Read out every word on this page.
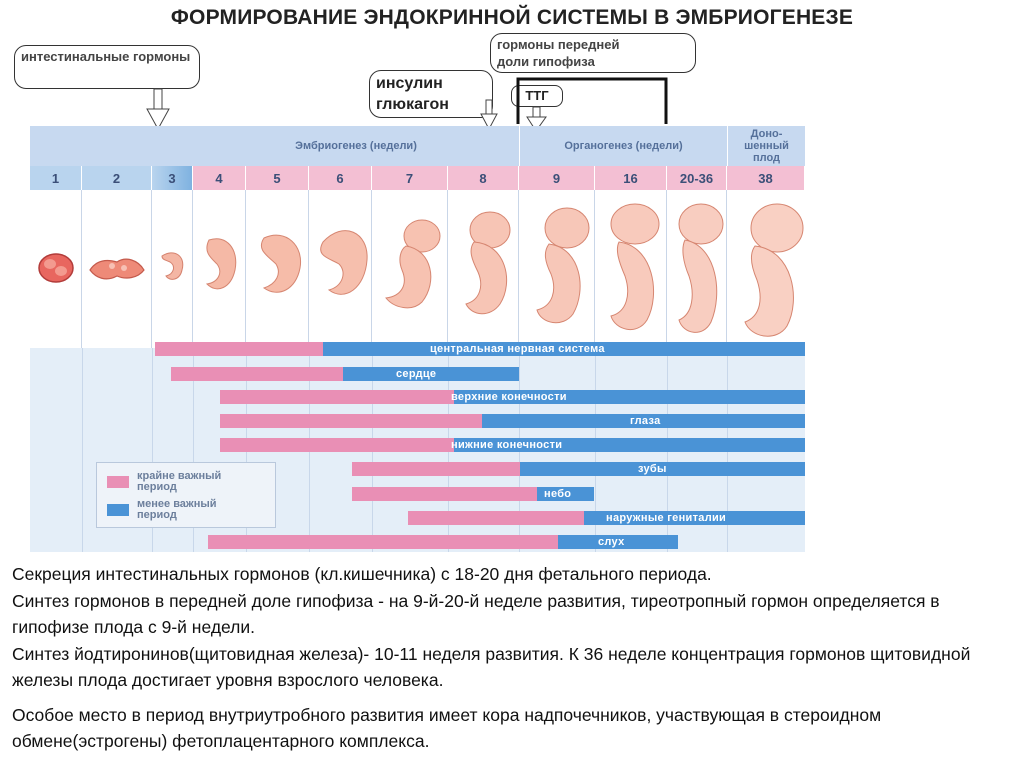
ФОРМИРОВАНИЕ ЭНДОКРИННОЙ СИСТЕМЫ В ЭМБРИОГЕНЕЗЕ
интестинальные гормоны
инсулин
глюкагон
гормоны передней
доли гипофиза
ТТГ
Эмбриогенез (недели)	Органогенез (недели)
Доно-шенный плод
1	2	3	4	5	6	7	8	9	16	20-36	38
центральная нервная система
сердце
верхние конечности
глаза
нижние конечности
зубы
небо
наружные гениталии
слух
крайне важный период
менее важный период

Секреция интестинальных гормонов (кл.кишечника) с 18-20 дня фетального периода.

Синтез гормонов в передней доле гипофиза - на 9-й-20-й неделе развития, тиреотропный гормон определяется в гипофизе плода с 9-й недели.

Синтез йодтиронинов(щитовидная железа)- 10-11 неделя развития. К 36 неделе концентрация гормонов щитовидной железы плода достигает уровня взрослого человека.

Особое место в период внутриутробного развития имеет кора надпочечников, участвующая в стероидном обмене(эстрогены) фетоплацентарного комплекса.
